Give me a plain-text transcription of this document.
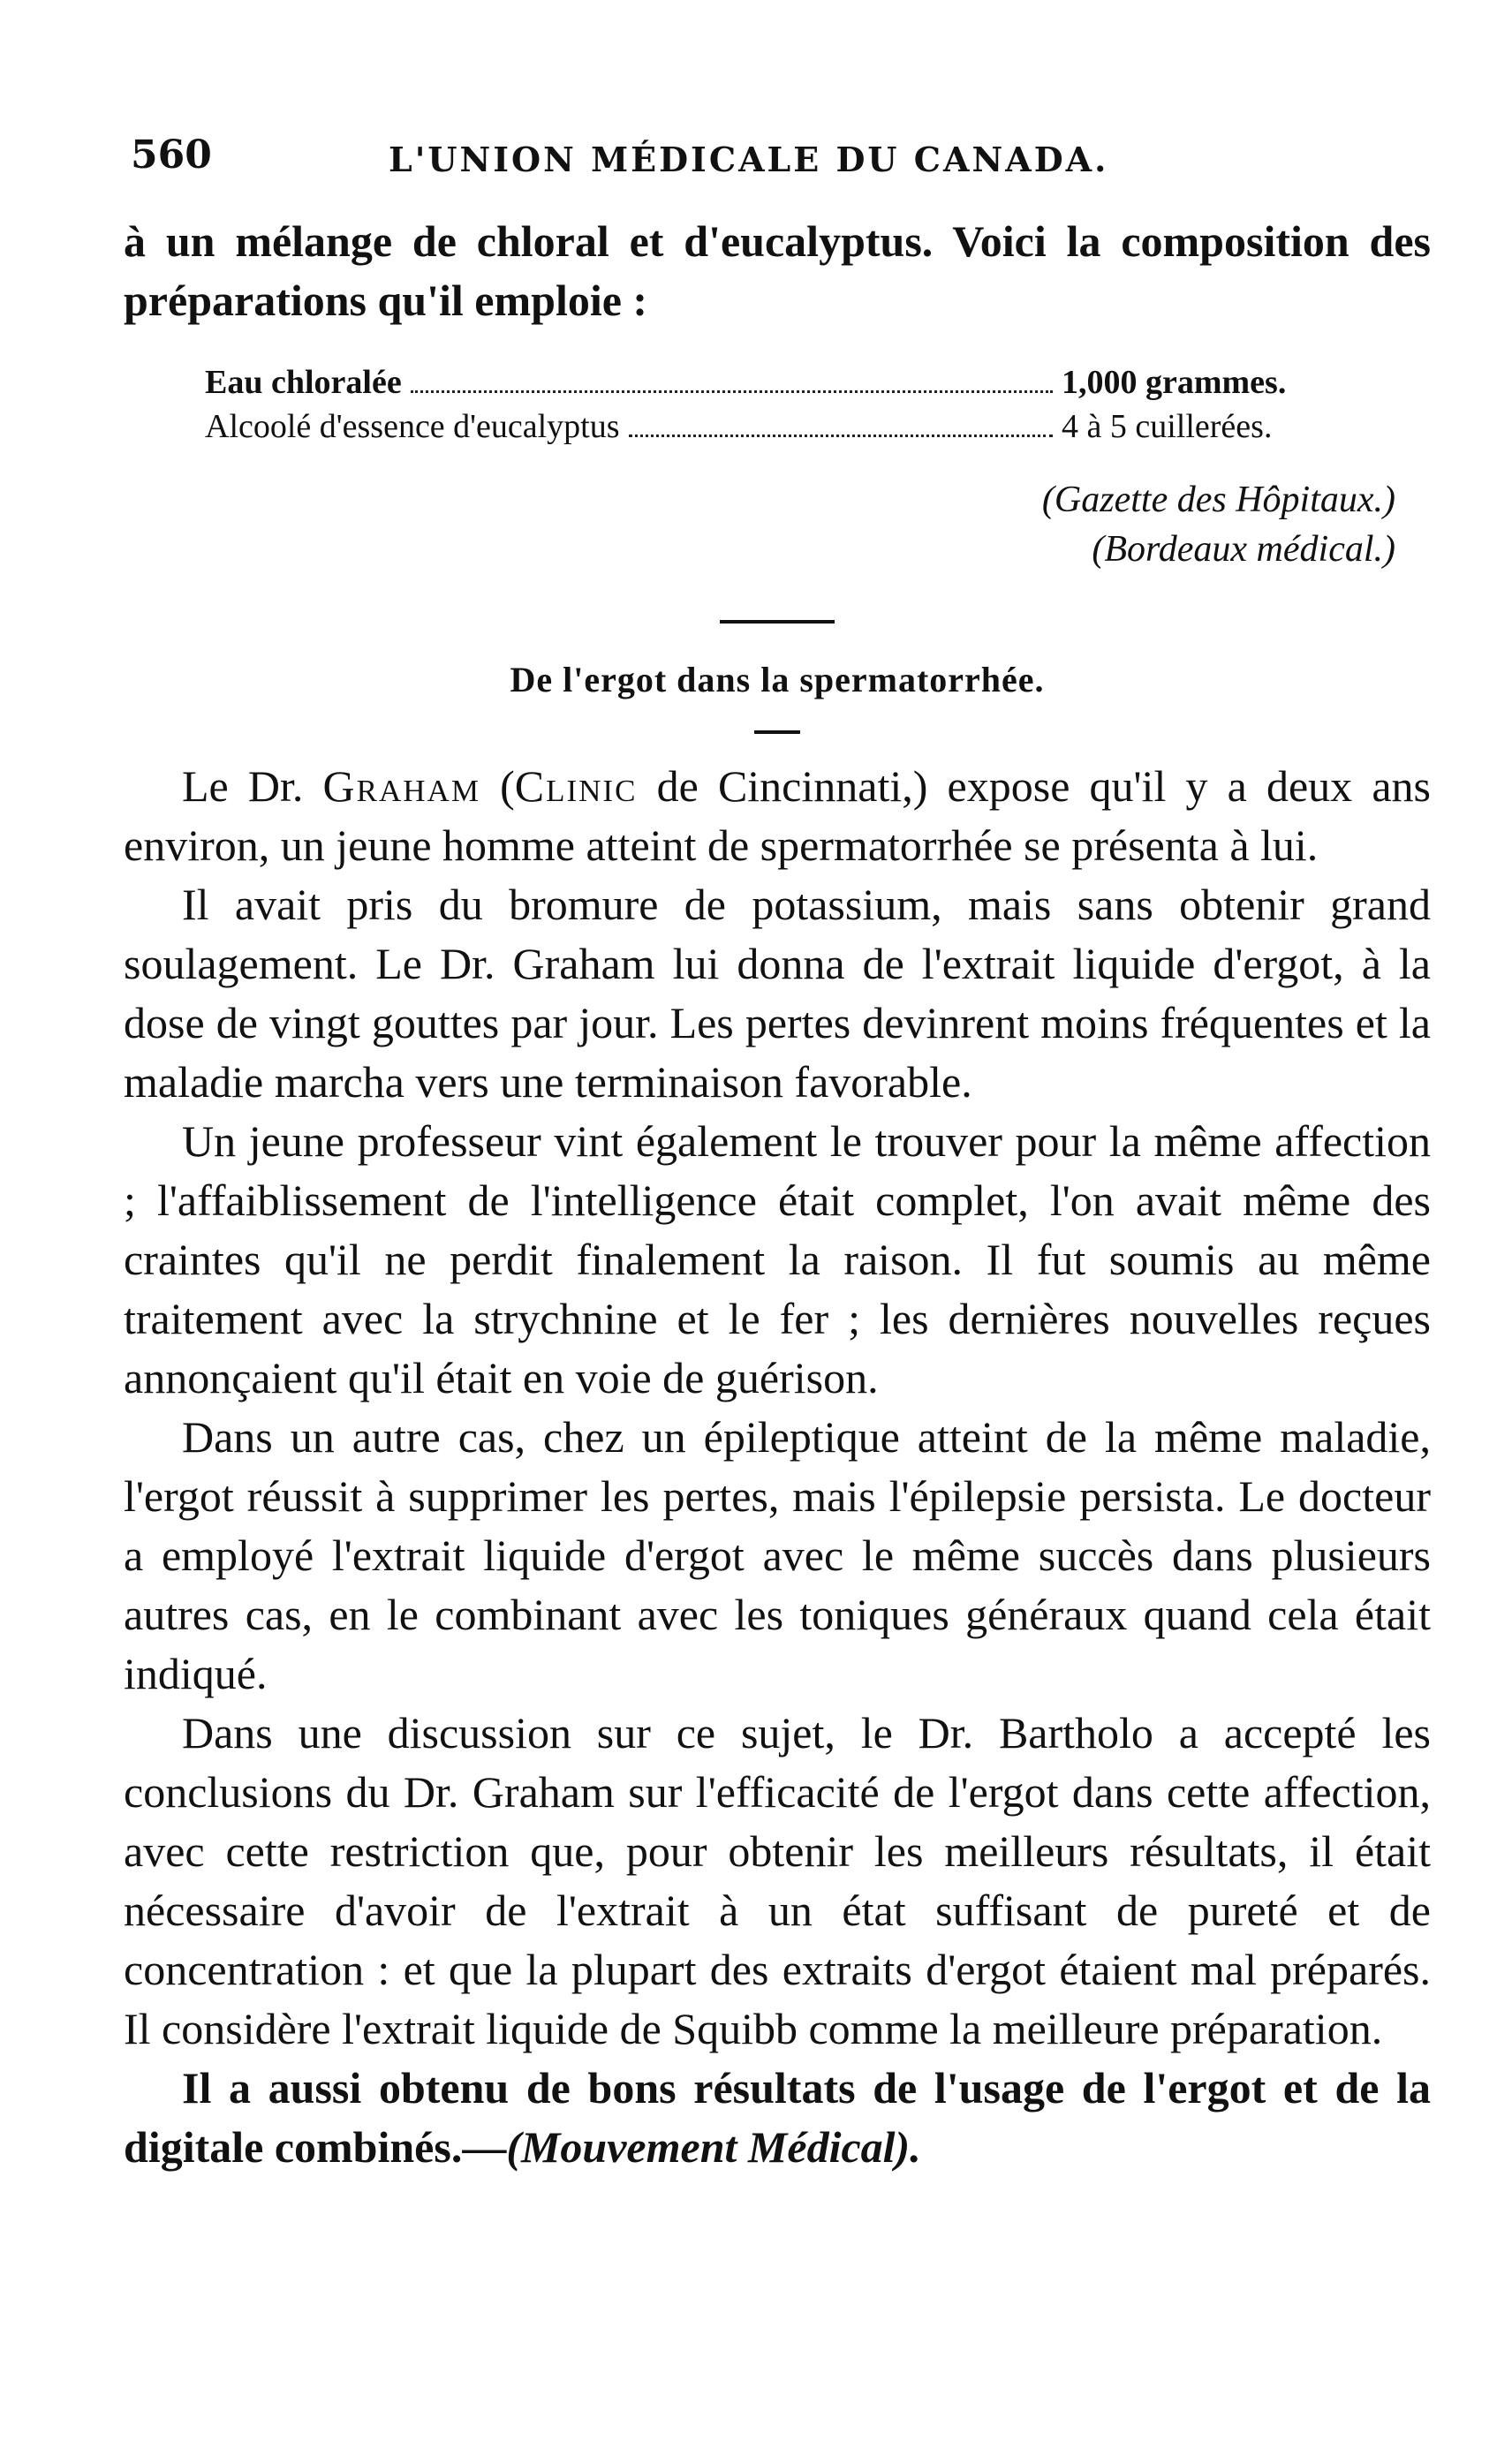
560	L'UNION MÉDICALE DU CANADA.

à un mélange de chloral et d'eucalyptus. Voici la composition des préparations qu'il emploie :

Eau chloralée	1,000 grammes.
Alcoolé d'essence d'eucalyptus	4 à 5 cuillerées.
(Gazette des Hôpitaux.)
(Bordeaux médical.)

De l'ergot dans la spermatorrhée.

Le Dr. Graham (Clinic de Cincinnati,) expose qu'il y a deux ans environ, un jeune homme atteint de spermatorrhée se présenta à lui.

Il avait pris du bromure de potassium, mais sans obtenir grand soulagement. Le Dr. Graham lui donna de l'extrait liquide d'ergot, à la dose de vingt gouttes par jour. Les pertes devinrent moins fréquentes et la maladie marcha vers une terminaison favorable.

Un jeune professeur vint également le trouver pour la même affection ; l'affaiblissement de l'intelligence était complet, l'on avait même des craintes qu'il ne perdit finalement la raison. Il fut soumis au même traitement avec la strychnine et le fer ; les dernières nouvelles reçues annonçaient qu'il était en voie de guérison.

Dans un autre cas, chez un épileptique atteint de la même maladie, l'ergot réussit à supprimer les pertes, mais l'épilepsie persista. Le docteur a employé l'extrait liquide d'ergot avec le même succès dans plusieurs autres cas, en le combinant avec les toniques généraux quand cela était indiqué.

Dans une discussion sur ce sujet, le Dr. Bartholo a accepté les conclusions du Dr. Graham sur l'efficacité de l'ergot dans cette affection, avec cette restriction que, pour obtenir les meilleurs résultats, il était nécessaire d'avoir de l'extrait à un état suffisant de pureté et de concentration : et que la plupart des extraits d'ergot étaient mal préparés. Il considère l'extrait liquide de Squibb comme la meilleure préparation.

Il a aussi obtenu de bons résultats de l'usage de l'ergot et de la digitale combinés.—(Mouvement Médical).
